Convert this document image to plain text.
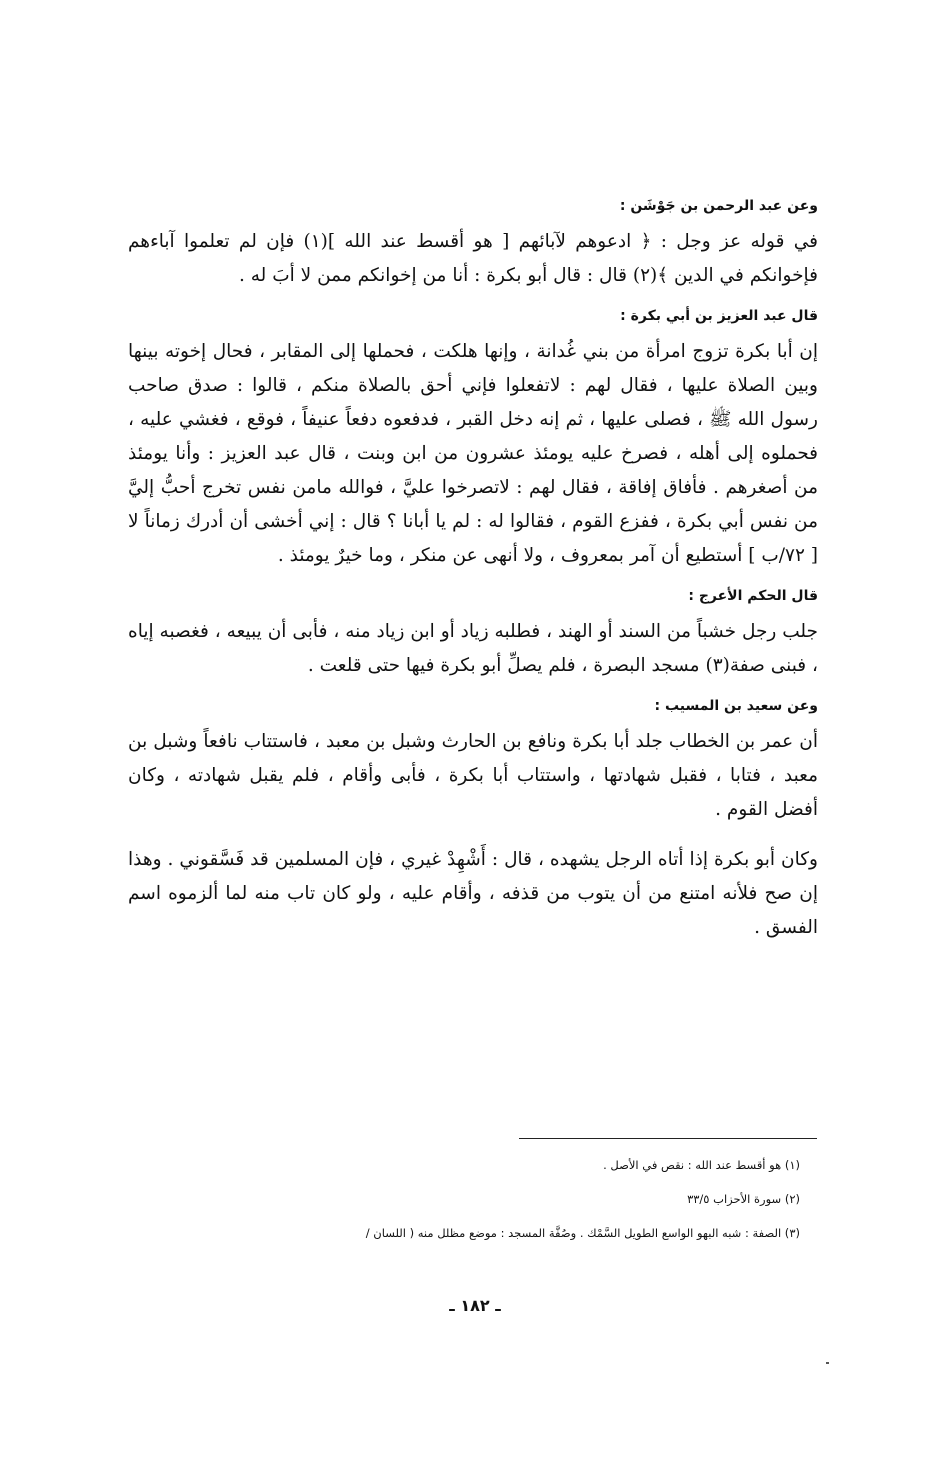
وعن عبد الرحمن بن جَوْشَن :
في قوله عز وجل : ﴿ ادعوهم لآبائهم [ هو أقسط عند الله ](١) فإن لم تعلموا آباءهم فإخوانكم في الدين ﴾(٢) قال : قال أبو بكرة : أنا من إخوانكم ممن لا أبَ له .
قال عبد العزيز بن أبي بكرة :
إن أبا بكرة تزوج امرأة من بني غُدانة ، وإنها هلكت ، فحملها إلى المقابر ، فحال إخوته بينها وبين الصلاة عليها ، فقال لهم : لاتفعلوا فإني أحق بالصلاة منكم ، قالوا : صدق صاحب رسول الله ﷺ ، فصلى عليها ، ثم إنه دخل القبر ، فدفعوه دفعاً عنيفاً ، فوقع ، فغشي عليه ، فحملوه إلى أهله ، فصرخ عليه يومئذ عشرون من ابن وبنت ، قال عبد العزيز : وأنا يومئذ من أصغرهم . فأفاق إفاقة ، فقال لهم : لاتصرخوا عليَّ ، فوالله مامن نفس تخرج أحبُّ إليَّ من نفس أبي بكرة ، ففزع القوم ، فقالوا له : لم يا أبانا ؟ قال : إني أخشى أن أدرك زماناً لا [ ٧٢/ب ] أستطيع أن آمر بمعروف ، ولا أنهى عن منكر ، وما خيرٌ يومئذ .
قال الحكم الأعرج :
جلب رجل خشباً من السند أو الهند ، فطلبه زياد أو ابن زياد منه ، فأبى أن يبيعه ، فغصبه إياه ، فبنى صفة(٣) مسجد البصرة ، فلم يصلِّ أبو بكرة فيها حتى قلعت .
وعن سعيد بن المسيب :
أن عمر بن الخطاب جلد أبا بكرة ونافع بن الحارث وشبل بن معبد ، فاستتاب نافعاً وشبل بن معبد ، فتابا ، فقبل شهادتها ، واستتاب أبا بكرة ، فأبى وأقام ، فلم يقبل شهادته ، وكان أفضل القوم .
وكان أبو بكرة إذا أتاه الرجل يشهده ، قال : أَشْهِدْ غيري ، فإن المسلمين قد فَسَّقوني . وهذا إن صح فلأنه امتنع من أن يتوب من قذفه ، وأقام عليه ، ولو كان تاب منه لما ألزموه اسم الفسق .
(١) هو أقسط عند الله : نقص في الأصل .
(٢) سورة الأحزاب ٣٣/٥
(٣) الصفة : شبه البهو الواسع الطويل السَّمْك . وصُفَّة المسجد : موضع مظلل منه ( اللسان /
ـ ١٨٢ ـ
